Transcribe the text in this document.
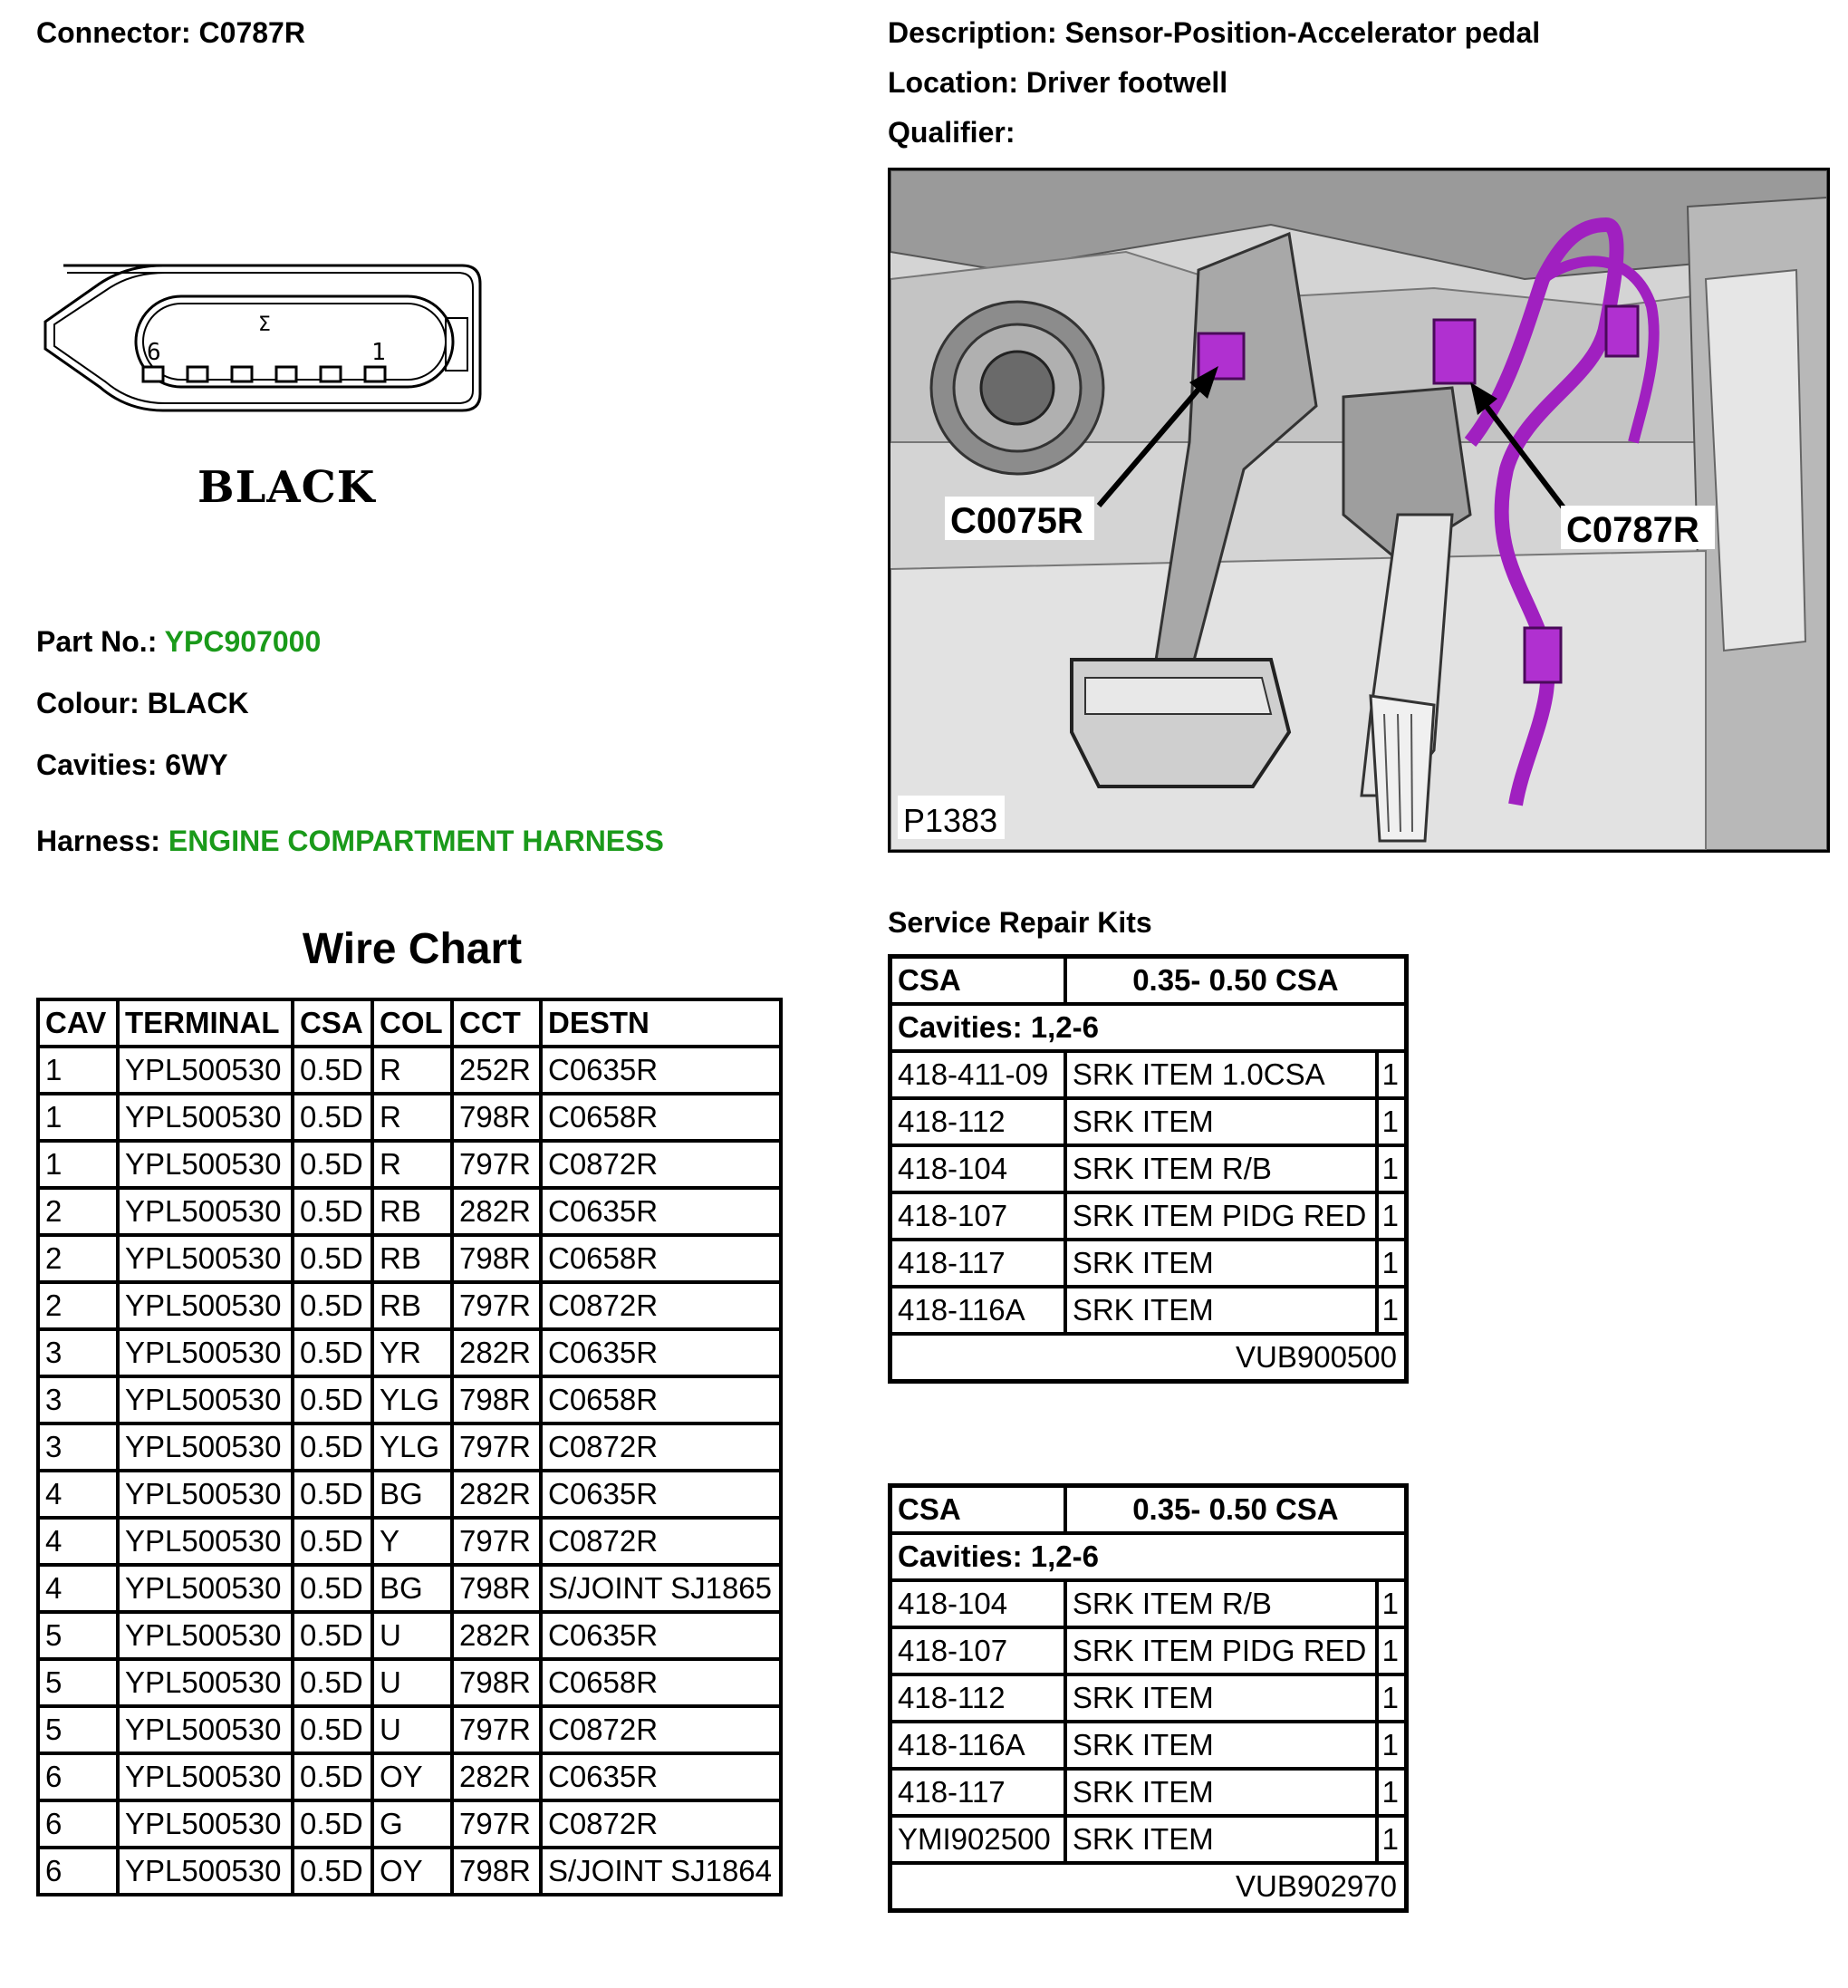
Connector: C0787R	Description: Sensor-Position-Accelerator pedal
Location: Driver footwell
Qualifier:
6	1
Σ
BLACK
Part No.: YPC907000
Colour: BLACK
Cavities: 6WY
Harness: ENGINE COMPARTMENT HARNESS
C0075R	C0787R
P1383
Wire Chart
CAV	TERMINAL	CSA	COL	CCT	DESTN
1	YPL500530	0.5D	R	252R	C0635R
1	YPL500530	0.5D	R	798R	C0658R
1	YPL500530	0.5D	R	797R	C0872R
2	YPL500530	0.5D	RB	282R	C0635R
2	YPL500530	0.5D	RB	798R	C0658R
2	YPL500530	0.5D	RB	797R	C0872R
3	YPL500530	0.5D	YR	282R	C0635R
3	YPL500530	0.5D	YLG	798R	C0658R
3	YPL500530	0.5D	YLG	797R	C0872R
4	YPL500530	0.5D	BG	282R	C0635R
4	YPL500530	0.5D	Y	797R	C0872R
4	YPL500530	0.5D	BG	798R	S/JOINT SJ1865
5	YPL500530	0.5D	U	282R	C0635R
5	YPL500530	0.5D	U	798R	C0658R
5	YPL500530	0.5D	U	797R	C0872R
6	YPL500530	0.5D	OY	282R	C0635R
6	YPL500530	0.5D	G	797R	C0872R
6	YPL500530	0.5D	OY	798R	S/JOINT SJ1864
Service Repair Kits
CSA	0.35- 0.50 CSA	
Cavities: 1,2-6		
418-411-09	SRK ITEM 1.0CSA	1
418-112	SRK ITEM	1
418-104	SRK ITEM R/B	1
418-107	SRK ITEM PIDG RED	1
418-117	SRK ITEM	1
418-116A	SRK ITEM	1
VUB900500		
CSA	0.35- 0.50 CSA	
Cavities: 1,2-6		
418-104	SRK ITEM R/B	1
418-107	SRK ITEM PIDG RED	1
418-112	SRK ITEM	1
418-116A	SRK ITEM	1
418-117	SRK ITEM	1
YMI902500	SRK ITEM	1
VUB902970		
